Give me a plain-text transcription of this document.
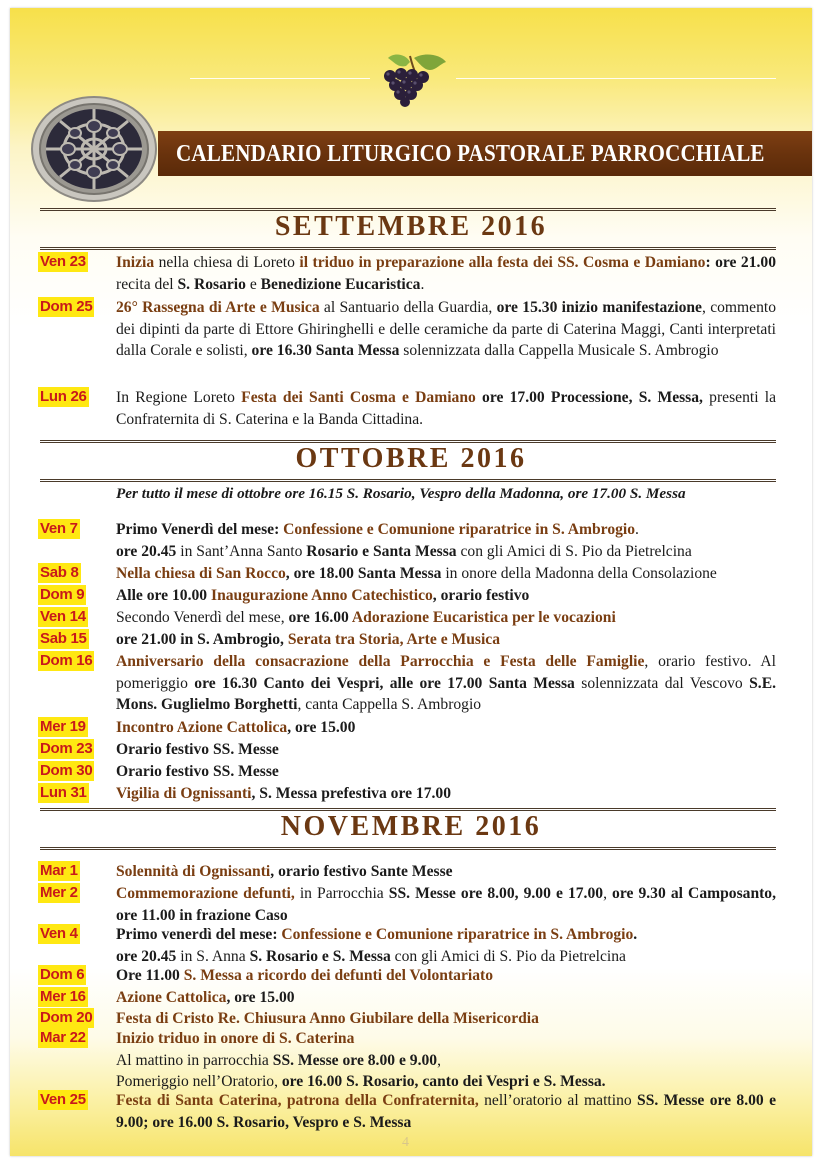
CALENDARIO LITURGICO PASTORALE PARROCCHIALE
SETTEMBRE 2016
Ven 23 Inizia nella chiesa di Loreto il triduo in preparazione alla festa dei SS. Cosma e Damiano: ore 21.00 recita del S. Rosario e Benedizione Eucaristica.
Dom 25 26° Rassegna di Arte e Musica al Santuario della Guardia, ore 15.30 inizio manifestazione, commento dei dipinti da parte di Ettore Ghiringhelli e delle ceramiche da parte di Caterina Maggi, Canti interpretati dalla Corale e solisti, ore 16.30 Santa Messa solennizzata dalla Cappella Musicale S. Ambrogio
Lun 26 In Regione Loreto Festa dei Santi Cosma e Damiano ore 17.00 Processione, S. Messa, presenti la Confraternita di S. Caterina e la Banda Cittadina.
OTTOBRE 2016
Per tutto il mese di ottobre ore 16.15 S. Rosario, Vespro della Madonna, ore 17.00 S. Messa
Ven 7 Primo Venerdì del mese: Confessione e Comunione riparatrice in S. Ambrogio.
ore 20.45 in Sant’Anna Santo Rosario e Santa Messa con gli Amici di S. Pio da Pietrelcina
Sab 8 Nella chiesa di San Rocco, ore 18.00 Santa Messa in onore della Madonna della Consolazione
Dom 9 Alle ore 10.00 Inaugurazione Anno Catechistico, orario festivo
Ven 14 Secondo Venerdì del mese, ore 16.00 Adorazione Eucaristica per le vocazioni
Sab 15 ore 21.00 in S. Ambrogio, Serata tra Storia, Arte e Musica
Dom 16 Anniversario della consacrazione della Parrocchia e Festa delle Famiglie, orario festivo. Al pomeriggio ore 16.30 Canto dei Vespri, alle ore 17.00 Santa Messa solennizzata dal Vescovo S.E. Mons. Guglielmo Borghetti, canta Cappella S. Ambrogio
Mer 19 Incontro Azione Cattolica, ore 15.00
Dom 23 Orario festivo SS. Messe
Dom 30 Orario festivo SS. Messe
Lun 31 Vigilia di Ognissanti, S. Messa prefestiva ore 17.00
NOVEMBRE 2016
Mar 1 Solennità di Ognissanti, orario festivo Sante Messe
Mer 2 Commemorazione defunti, in Parrocchia SS. Messe ore 8.00, 9.00 e 17.00, ore 9.30 al Camposanto, ore 11.00 in frazione Caso
Ven 4 Primo venerdì del mese: Confessione e Comunione riparatrice in S. Ambrogio.
ore 20.45 in S. Anna S. Rosario e S. Messa con gli Amici di S. Pio da Pietrelcina
Dom 6 Ore 11.00 S. Messa a ricordo dei defunti del Volontariato
Mer 16 Azione Cattolica, ore 15.00
Dom 20 Festa di Cristo Re. Chiusura Anno Giubilare della Misericordia
Mar 22 Inizio triduo in onore di S. Caterina
Al mattino in parrocchia SS. Messe ore 8.00 e 9.00,
Pomeriggio nell’Oratorio, ore 16.00 S. Rosario, canto dei Vespri e S. Messa.
Ven 25 Festa di Santa Caterina, patrona della Confraternita, nell’oratorio al mattino SS. Messe ore 8.00 e 9.00; ore 16.00 S. Rosario, Vespro e S. Messa
4
